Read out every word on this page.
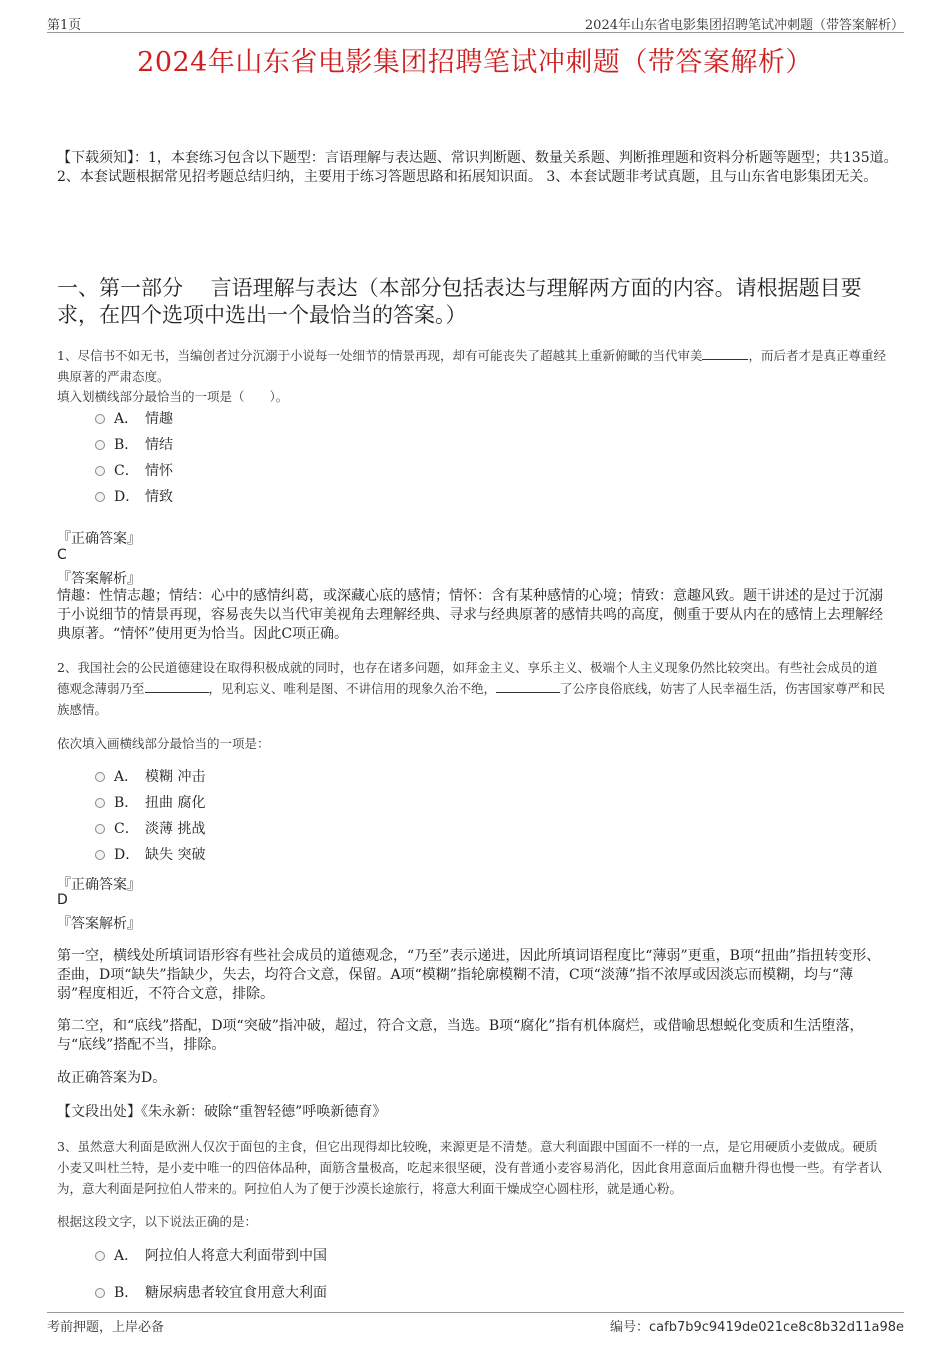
第1页	2024年山东省电影集团招聘笔试冲刺题（带答案解析）
2024年山东省电影集团招聘笔试冲刺题（带答案解析）

【下载须知】：1，本套练习包含以下题型：言语理解与表达题、常识判断题、数量关系题、判断推理题和资料分析题等题型；共135道。 2、本套试题根据常见招考题总结归纳，主要用于练习答题思路和拓展知识面。 3、本套试题非考试真题，且与山东省电影集团无关。

一、第一部分　 言语理解与表达（本部分包括表达与理解两方面的内容。请根据题目要求，在四个选项中选出一个最恰当的答案。）

1、尽信书不如无书，当编创者过分沉溺于小说每一处细节的情景再现，却有可能丧失了超越其上重新俯瞰的当代审美	，而后者才是真正尊重经典原著的严肃态度。

填入划横线部分最恰当的一项是（　　）。

A． 情趣
B． 情结
C． 情怀
D． 情致

『正确答案』

C

『答案解析』

情趣：性情志趣；情结：心中的感情纠葛，或深藏心底的感情；情怀：含有某种感情的心境；情致：意趣风致。题干讲述的是过于沉溺于小说细节的情景再现，容易丧失以当代审美视角去理解经典、寻求与经典原著的感情共鸣的高度，侧重于要从内在的感情上去理解经典原著。“情怀”使用更为恰当。因此C项正确。

2、我国社会的公民道德建设在取得积极成就的同时，也存在诸多问题，如拜金主义、享乐主义、极端个人主义现象仍然比较突出。有些社会成员的道德观念薄弱乃至	，见利忘义、唯利是图、不讲信用的现象久治不绝，	了公序良俗底线，妨害了人民幸福生活，伤害国家尊严和民族感情。

依次填入画横线部分最恰当的一项是：

A． 模糊 冲击
B． 扭曲 腐化
C． 淡薄 挑战
D． 缺失 突破

『正确答案』

D

『答案解析』

第一空，横线处所填词语形容有些社会成员的道德观念，“乃至”表示递进，因此所填词语程度比“薄弱”更重，B项“扭曲”指扭转变形、歪曲，D项“缺失”指缺少，失去，均符合文意，保留。A项“模糊”指轮廓模糊不清，C项“淡薄”指不浓厚或因淡忘而模糊，均与“薄弱”程度相近，不符合文意，排除。

第二空，和“底线”搭配，D项“突破”指冲破，超过，符合文意，当选。B项“腐化”指有机体腐烂，或借喻思想蜕化变质和生活堕落，与“底线”搭配不当，排除。

故正确答案为D。

【文段出处】《朱永新：破除“重智轻德”呼唤新德育》

3、虽然意大利面是欧洲人仅次于面包的主食，但它出现得却比较晚，来源更是不清楚。意大利面跟中国面不一样的一点，是它用硬质小麦做成。硬质小麦又叫杜兰特，是小麦中唯一的四倍体品种，面筋含量极高，吃起来很坚硬，没有普通小麦容易消化，因此食用意面后血糖升得也慢一些。有学者认为，意大利面是阿拉伯人带来的。阿拉伯人为了便于沙漠长途旅行，将意大利面干燥成空心圆柱形，就是通心粉。

根据这段文字，以下说法正确的是：

A． 阿拉伯人将意大利面带到中国
B． 糖尿病患者较宜食用意大利面
考前押题，上岸必备	编号：cafb7b9c9419de021ce8c8b32d11a98e
